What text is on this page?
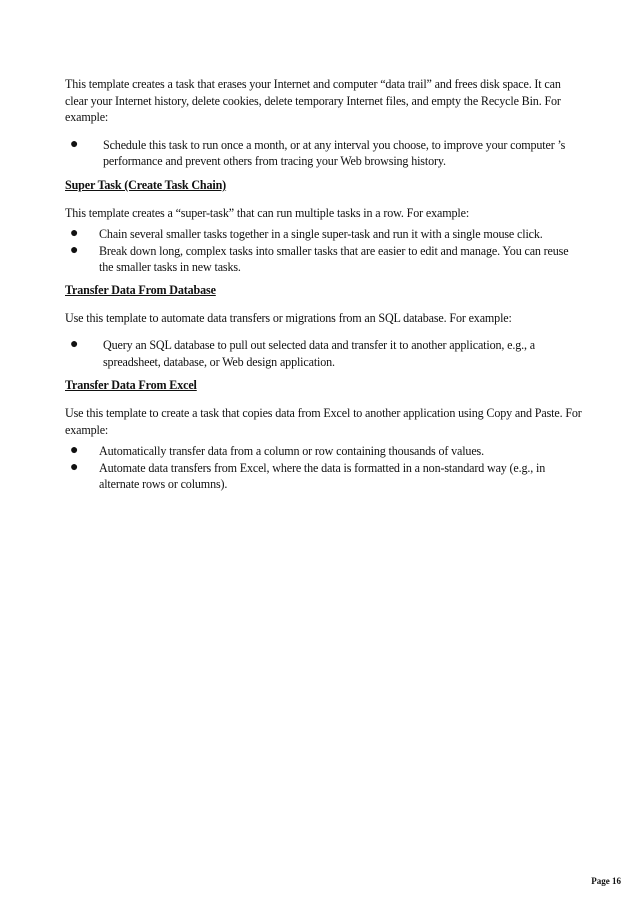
This template creates a task that erases your Internet and computer “data trail” and frees disk space. It can clear your Internet history, delete cookies, delete temporary Internet files, and empty the Recycle Bin. For example:

● Schedule this task to run once a month, or at any interval you choose, to improve your computer ’s performance and prevent others from tracing your Web browsing history.

Super Task (Create Task Chain)

This template creates a “super-task” that can run multiple tasks in a row. For example:

● Chain several smaller tasks together in a single super-task and run it with a single mouse click.
● Break down long, complex tasks into smaller tasks that are easier to edit and manage. You can reuse the smaller tasks in new tasks.

Transfer Data From Database

Use this template to automate data transfers or migrations from an SQL database. For example:

● Query an SQL database to pull out selected data and transfer it to another application, e.g., a spreadsheet, database, or Web design application.

Transfer Data From Excel

Use this template to create a task that copies data from Excel to another application using Copy and Paste. For example:

● Automatically transfer data from a column or row containing thousands of values.
● Automate data transfers from Excel, where the data is formatted in a non-standard way (e.g., in alternate rows or columns).
Page 16
